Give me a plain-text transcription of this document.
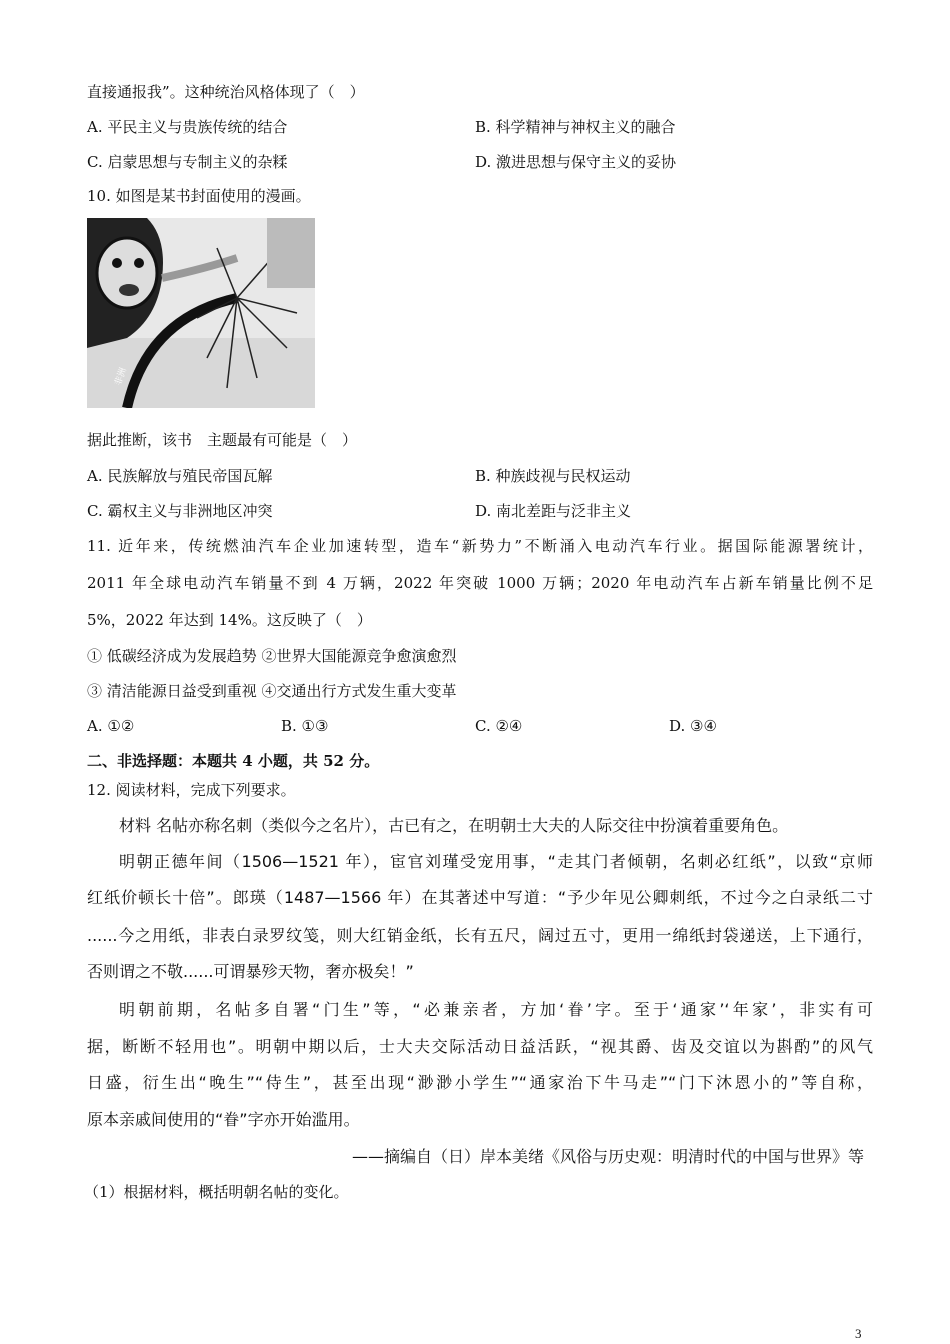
直接通报我”。这种统治风格体现了（　）
A. 平民主义与贵族传统的结合	B. 科学精神与神权主义的融合
C. 启蒙思想与专制主义的杂糅	D. 激进思想与保守主义的妥协
10. 如图是某书封面使用的漫画。
非洲
据此推断，该书　主题最有可能是（　）
A. 民族解放与殖民帝国瓦解	B. 种族歧视与民权运动
C. 霸权主义与非洲地区冲突	D. 南北差距与泛非主义
11. 近年来，传统燃油汽车企业加速转型，造车“新势力”不断涌入电动汽车行业。据国际能源署统计，
2011 年全球电动汽车销量不到 4 万辆，2022 年突破 1000 万辆；2020 年电动汽车占新车销量比例不足
5%，2022 年达到 14%。这反映了（　）
① 低碳经济成为发展趋势 ②世界大国能源竞争愈演愈烈
③ 清洁能源日益受到重视 ④交通出行方式发生重大变革
A. ①②	B. ①③	C. ②④	D. ③④
二、非选择题：本题共 4 小题，共 52 分。
12. 阅读材料，完成下列要求。
材料 名帖亦称名刺（类似今之名片），古已有之，在明朝士大夫的人际交往中扮演着重要角色。
明朝正德年间（1506—1521 年），宦官刘瑾受宠用事，“走其门者倾朝，名刺必红纸”，以致“京师
红纸价顿长十倍”。郎瑛（1487—1566 年）在其著述中写道：“予少年见公卿刺纸，不过今之白录纸二寸
......今之用纸，非表白录罗纹笺，则大红销金纸，长有五尺，阔过五寸，更用一绵纸封袋递送，上下通行，
否则谓之不敬......可谓暴殄天物，奢亦极矣！”
明朝前期，名帖多自署“门生”等，“必兼亲者，方加‘眷’字。至于‘通家’‘年家’，非实有可
据，断断不轻用也”。明朝中期以后，士大夫交际活动日益活跃，“视其爵、齿及交谊以为斟酌”的风气
日盛，衍生出“晚生”“侍生”，甚至出现“渺渺小学生”“通家治下牛马走”“门下沐恩小的”等自称，
原本亲戚间使用的“眷”字亦开始滥用。
——摘编自（日）岸本美绪《风俗与历史观：明清时代的中国与世界》等
（1）根据材料，概括明朝名帖的变化。
3
